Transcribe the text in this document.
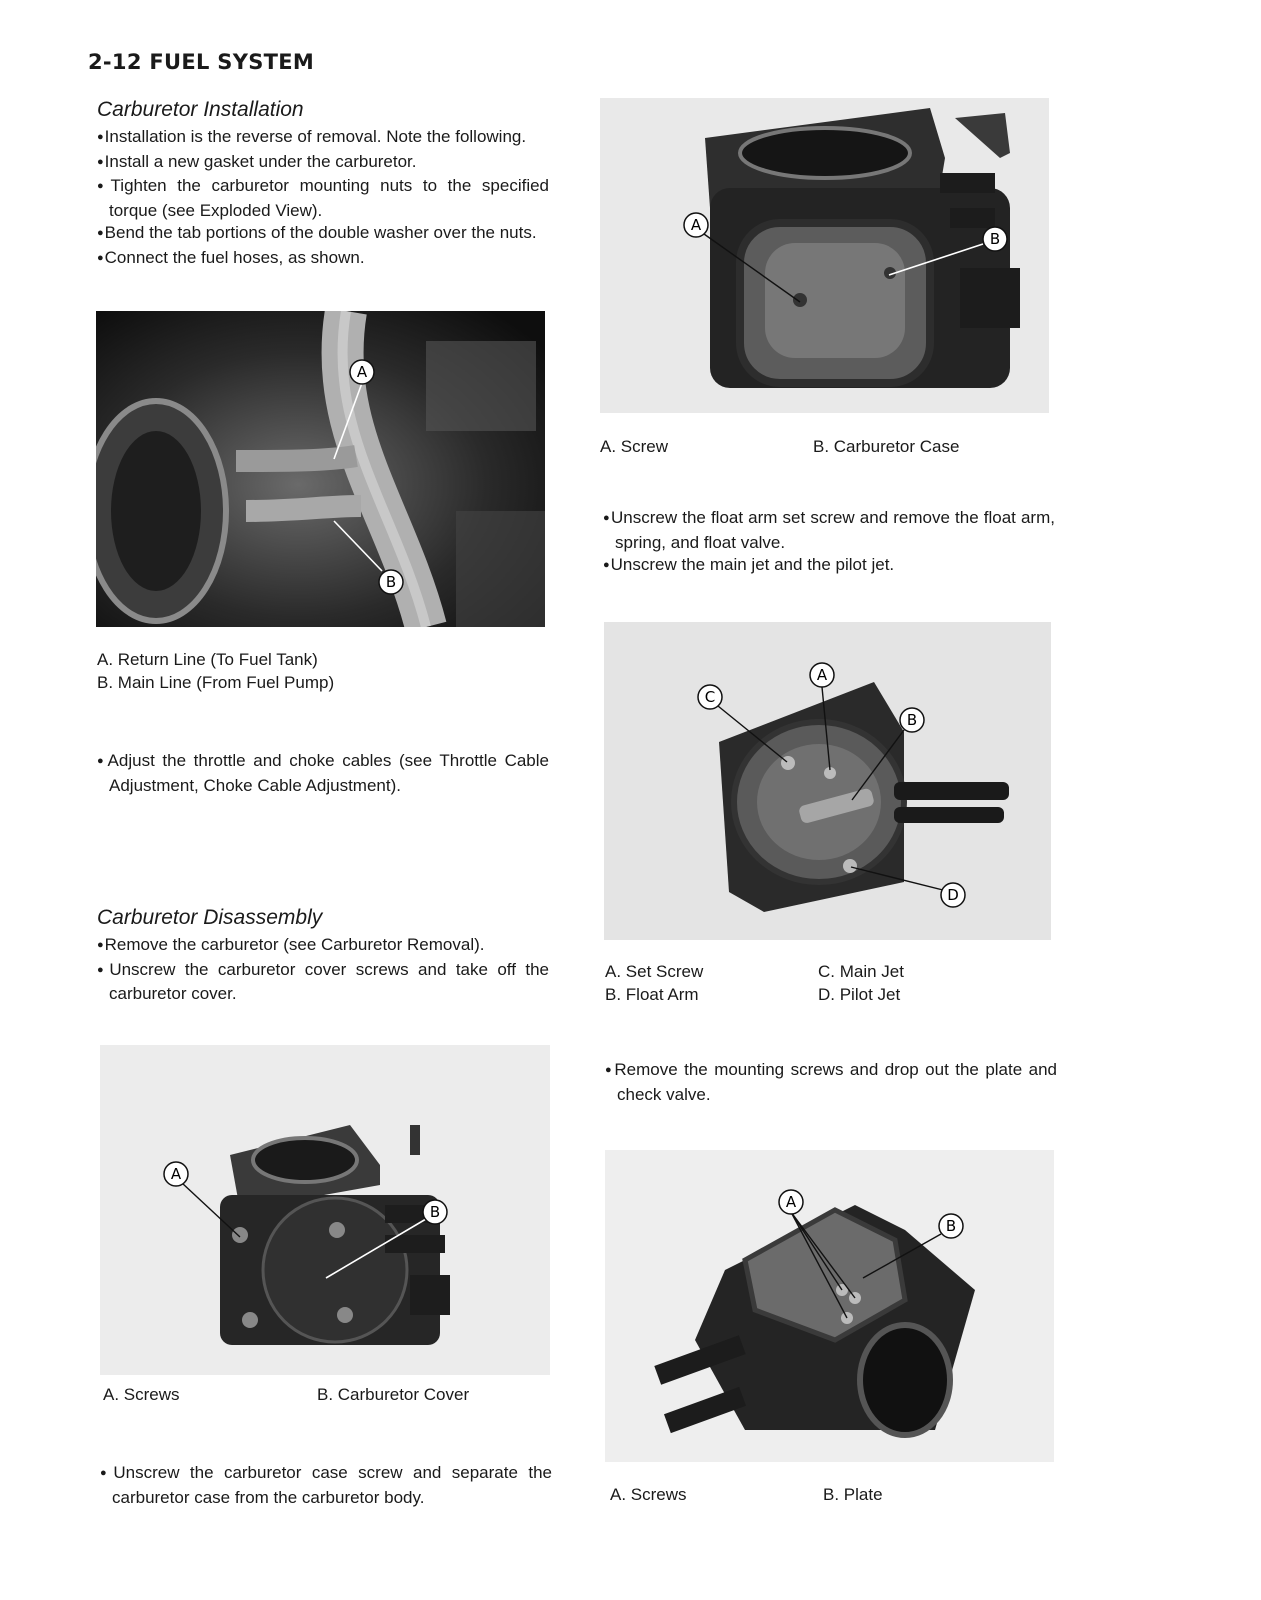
2-12 FUEL SYSTEM
Carburetor Installation

● Installation is the reverse of removal. Note the following.

● Install a new gasket under the carburetor.

● Tighten the carburetor mounting nuts to the specified torque (see Exploded View).

● Bend the tab portions of the double washer over the nuts.

● Connect the fuel hoses, as shown.

A
B
A. Return Line (To Fuel Tank)
B. Main Line (From Fuel Pump)

● Adjust the throttle and choke cables (see Throttle Cable Adjustment, Choke Cable Adjustment).

Carburetor Disassembly

● Remove the carburetor (see Carburetor Removal).

● Unscrew the carburetor cover screws and take off the carburetor cover.

A
B
A. Screws	B. Carburetor Cover

● Unscrew the carburetor case screw and separate the carburetor case from the carburetor body.

A
B
A. Screw	B. Carburetor Case

● Unscrew the float arm set screw and remove the float arm, spring, and float valve.

● Unscrew the main jet and the pilot jet.

A
B
C
D
A. Set Screw
B. Float Arm
C. Main Jet
D. Pilot Jet

● Remove the mounting screws and drop out the plate and check valve.

A
B
A. Screws	B. Plate
